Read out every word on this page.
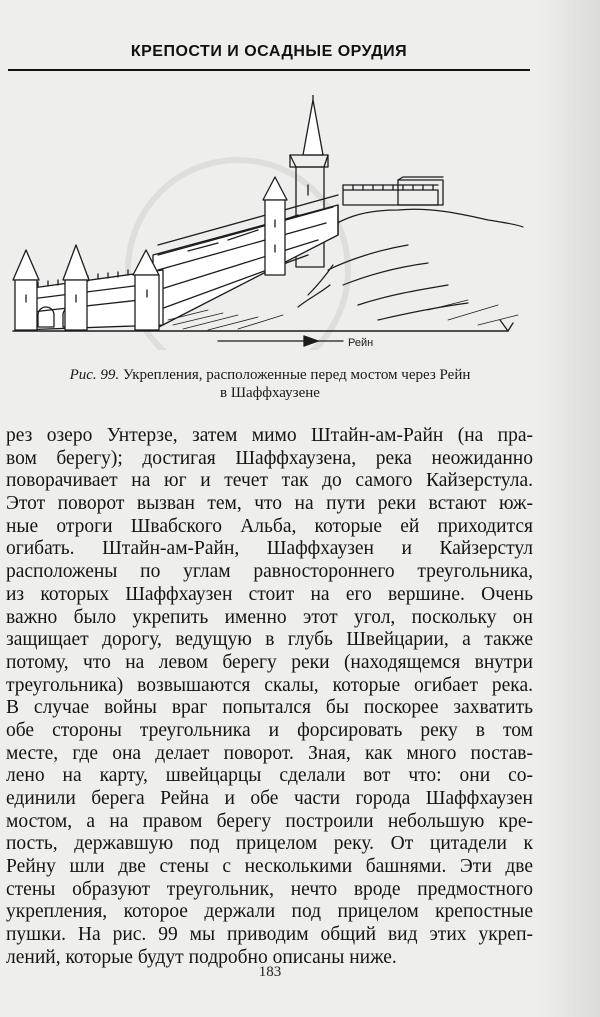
КРЕПОСТИ И ОСАДНЫЕ ОРУДИЯ
Рейн
Рис. 99. Укрепления, расположенные перед мостом через Рейн
в Шаффхаузене
рез озеро Унтерзе, затем мимо Штайн-ам-Райн (на пра-
вом берегу); достигая Шаффхаузена, река неожиданно
поворачивает на юг и течет так до самого Кайзерстула.
Этот поворот вызван тем, что на пути реки встают юж-
ные отроги Швабского Альба, которые ей приходится
огибать. Штайн-ам-Райн, Шаффхаузен и Кайзерстул
расположены по углам равностороннего треугольника,
из которых Шаффхаузен стоит на его вершине. Очень
важно было укрепить именно этот угол, поскольку он
защищает дорогу, ведущую в глубь Швейцарии, а также
потому, что на левом берегу реки (находящемся внутри
треугольника) возвышаются скалы, которые огибает река.
В случае войны враг попытался бы поскорее захватить
обе стороны треугольника и форсировать реку в том
месте, где она делает поворот. Зная, как много постав-
лено на карту, швейцарцы сделали вот что: они со-
единили берега Рейна и обе части города Шаффхаузен
мостом, а на правом берегу построили небольшую кре-
пость, державшую под прицелом реку. От цитадели к
Рейну шли две стены с несколькими башнями. Эти две
стены образуют треугольник, нечто вроде предмостного
укрепления, которое держали под прицелом крепостные
пушки. На рис. 99 мы приводим общий вид этих укреп-
лений, которые будут подробно описаны ниже.
183
